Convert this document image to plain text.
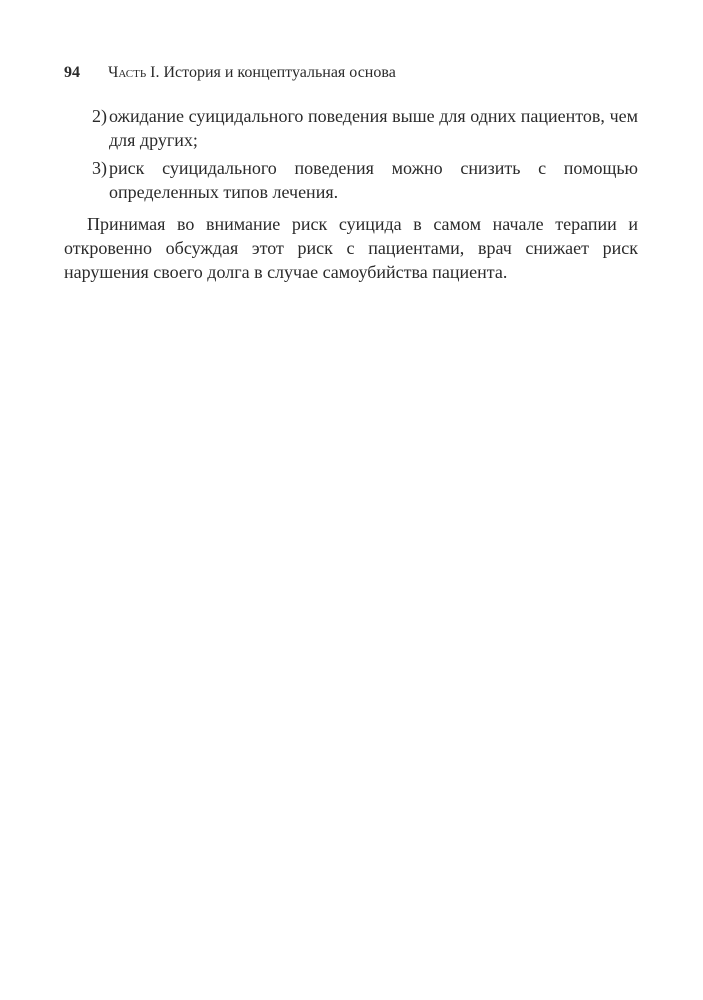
94 Часть I. История и концептуальная основа
2) ожидание суицидального поведения выше для одних пациентов, чем для других;
3) риск суицидального поведения можно снизить с помощью определенных типов лечения.

Принимая во внимание риск суицида в самом начале терапии и откровенно обсуждая этот риск с пациентами, врач снижает риск нарушения своего долга в случае самоубийства пациента.
